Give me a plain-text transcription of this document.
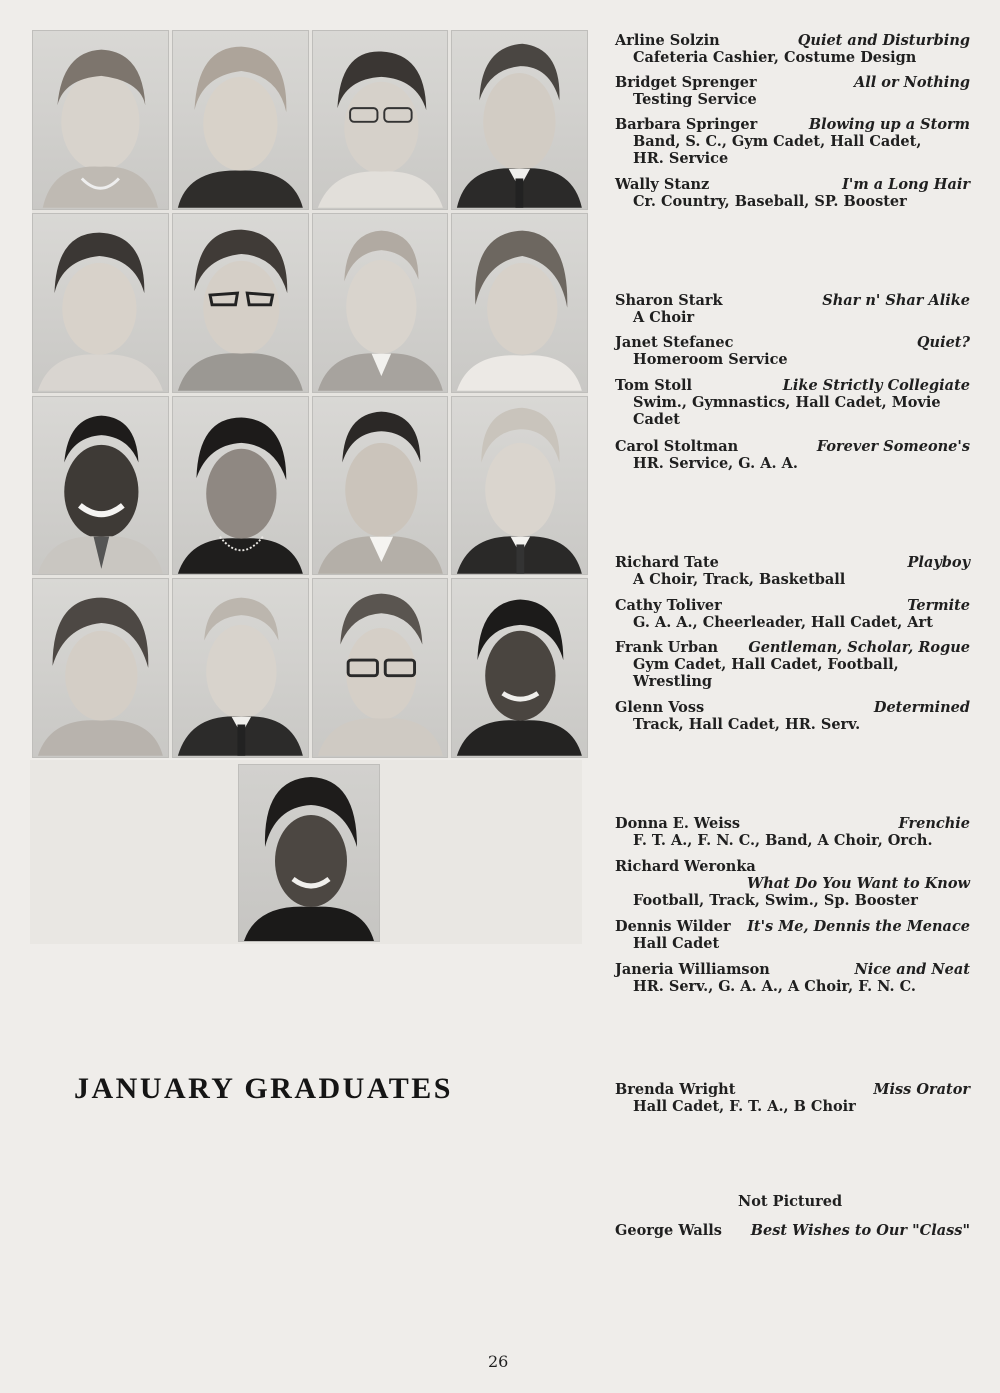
JANUARY GRADUATES
Arline Solzin	Quiet and Disturbing
Cafeteria Cashier, Costume Design
Bridget Sprenger	All or Nothing
Testing Service
Barbara Springer	Blowing up a Storm
Band, S. C., Gym Cadet, Hall Cadet,
HR. Service
Wally Stanz	I'm a Long Hair
Cr. Country, Baseball, SP. Booster
Sharon Stark	Shar n' Shar Alike
A Choir
Janet Stefanec	Quiet?
Homeroom Service
Tom Stoll	Like Strictly Collegiate
Swim., Gymnastics, Hall Cadet, Movie
Cadet
Carol Stoltman	Forever Someone's
HR. Service, G. A. A.
Richard Tate	Playboy
A Choir, Track, Basketball
Cathy Toliver	Termite
G. A. A., Cheerleader, Hall Cadet, Art
Frank Urban Gentleman, Scholar, Rogue
Gym Cadet, Hall Cadet, Football,
Wrestling
Glenn Voss	Determined
Track, Hall Cadet, HR. Serv.
Donna E. Weiss	Frenchie
F. T. A., F. N. C., Band, A Choir, Orch.
Richard Weronka
What Do You Want to Know
Football, Track, Swim., Sp. Booster
Dennis Wilder It's Me, Dennis the Menace
Hall Cadet
Janeria Williamson	Nice and Neat
HR. Serv., G. A. A., A Choir, F. N. C.
Brenda Wright	Miss Orator
Hall Cadet, F. T. A., B Choir
George Walls Best Wishes to Our "Class"
Not Pictured
26
